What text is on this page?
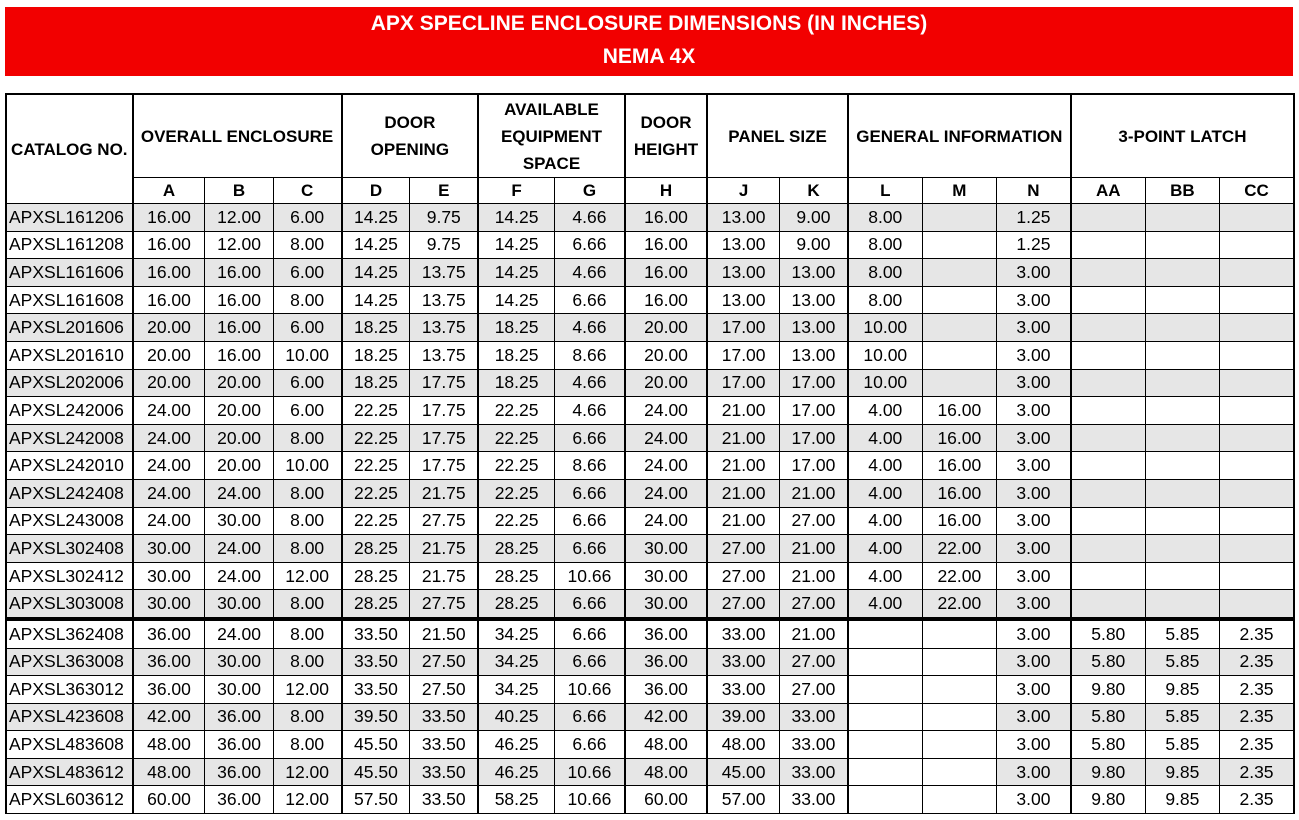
APX SPECLINE ENCLOSURE DIMENSIONS (IN INCHES)
NEMA 4X
CATALOG NO.	OVERALL ENCLOSURE			DOOR OPENING		AVAILABLE EQUIPMENT SPACE		DOOR HEIGHT	PANEL SIZE		GENERAL INFORMATION			3-POINT LATCH		
	A	B	C	D	E	F	G	H	J	K	L	M	N	AA	BB	CC
APXSL161206	16.00	12.00	6.00	14.25	9.75	14.25	4.66	16.00	13.00	9.00	8.00		1.25			
APXSL161208	16.00	12.00	8.00	14.25	9.75	14.25	6.66	16.00	13.00	9.00	8.00		1.25			
APXSL161606	16.00	16.00	6.00	14.25	13.75	14.25	4.66	16.00	13.00	13.00	8.00		3.00			
APXSL161608	16.00	16.00	8.00	14.25	13.75	14.25	6.66	16.00	13.00	13.00	8.00		3.00			
APXSL201606	20.00	16.00	6.00	18.25	13.75	18.25	4.66	20.00	17.00	13.00	10.00		3.00			
APXSL201610	20.00	16.00	10.00	18.25	13.75	18.25	8.66	20.00	17.00	13.00	10.00		3.00			
APXSL202006	20.00	20.00	6.00	18.25	17.75	18.25	4.66	20.00	17.00	17.00	10.00		3.00			
APXSL242006	24.00	20.00	6.00	22.25	17.75	22.25	4.66	24.00	21.00	17.00	4.00	16.00	3.00			
APXSL242008	24.00	20.00	8.00	22.25	17.75	22.25	6.66	24.00	21.00	17.00	4.00	16.00	3.00			
APXSL242010	24.00	20.00	10.00	22.25	17.75	22.25	8.66	24.00	21.00	17.00	4.00	16.00	3.00			
APXSL242408	24.00	24.00	8.00	22.25	21.75	22.25	6.66	24.00	21.00	21.00	4.00	16.00	3.00			
APXSL243008	24.00	30.00	8.00	22.25	27.75	22.25	6.66	24.00	21.00	27.00	4.00	16.00	3.00			
APXSL302408	30.00	24.00	8.00	28.25	21.75	28.25	6.66	30.00	27.00	21.00	4.00	22.00	3.00			
APXSL302412	30.00	24.00	12.00	28.25	21.75	28.25	10.66	30.00	27.00	21.00	4.00	22.00	3.00			
APXSL303008	30.00	30.00	8.00	28.25	27.75	28.25	6.66	30.00	27.00	27.00	4.00	22.00	3.00			
APXSL362408	36.00	24.00	8.00	33.50	21.50	34.25	6.66	36.00	33.00	21.00			3.00	5.80	5.85	2.35
APXSL363008	36.00	30.00	8.00	33.50	27.50	34.25	6.66	36.00	33.00	27.00			3.00	5.80	5.85	2.35
APXSL363012	36.00	30.00	12.00	33.50	27.50	34.25	10.66	36.00	33.00	27.00			3.00	9.80	9.85	2.35
APXSL423608	42.00	36.00	8.00	39.50	33.50	40.25	6.66	42.00	39.00	33.00			3.00	5.80	5.85	2.35
APXSL483608	48.00	36.00	8.00	45.50	33.50	46.25	6.66	48.00	48.00	33.00			3.00	5.80	5.85	2.35
APXSL483612	48.00	36.00	12.00	45.50	33.50	46.25	10.66	48.00	45.00	33.00			3.00	9.80	9.85	2.35
APXSL603612	60.00	36.00	12.00	57.50	33.50	58.25	10.66	60.00	57.00	33.00			3.00	9.80	9.85	2.35
